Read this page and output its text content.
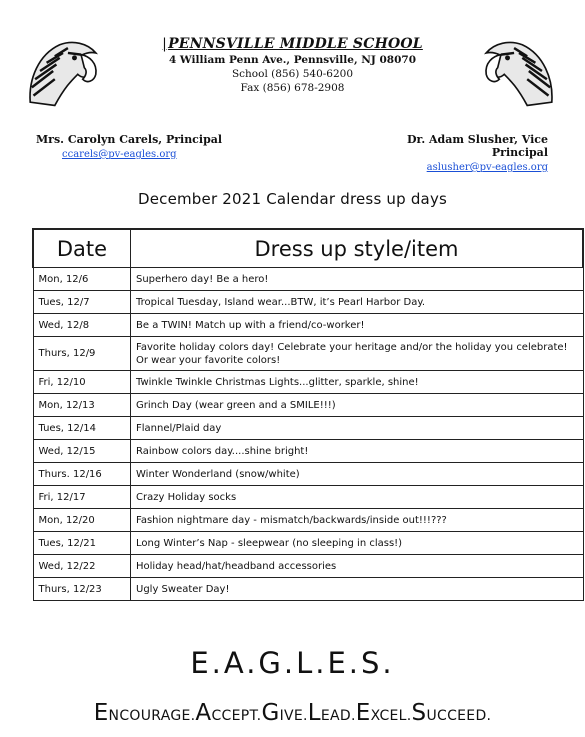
|PENNSVILLE MIDDLE SCHOOL
4 William Penn Ave., Pennsville, NJ 08070
School (856) 540-6200
Fax (856) 678-2908
Mrs. Carolyn Carels, Principal
ccarels@pv-eagles.org
Dr. Adam Slusher, Vice Principal
aslusher@pv-eagles.org
December 2021 Calendar dress up days
Date	Dress up style/item
Mon, 12/6	Superhero day! Be a hero!
Tues, 12/7	Tropical Tuesday, Island wear...BTW, it’s Pearl Harbor Day.
Wed, 12/8	Be a TWIN! Match up with a friend/co-worker!
Thurs, 12/9	Favorite holiday colors day! Celebrate your heritage and/or the holiday you celebrate! Or wear your favorite colors!
Fri, 12/10	Twinkle Twinkle Christmas Lights...glitter, sparkle, shine!
Mon, 12/13	Grinch Day (wear green and a SMILE!!!)
Tues, 12/14	Flannel/Plaid day
Wed, 12/15	Rainbow colors day....shine bright!
Thurs. 12/16	Winter Wonderland (snow/white)
Fri, 12/17	Crazy Holiday socks
Mon, 12/20	Fashion nightmare day - mismatch/backwards/inside out!!!???
Tues, 12/21	Long Winter’s Nap - sleepwear (no sleeping in class!)
Wed, 12/22	Holiday head/hat/headband accessories
Thurs, 12/23	Ugly Sweater Day!
E.A.G.L.E.S.
ENCOURAGE.ACCEPT.GIVE.LEAD.EXCEL.SUCCEED.
